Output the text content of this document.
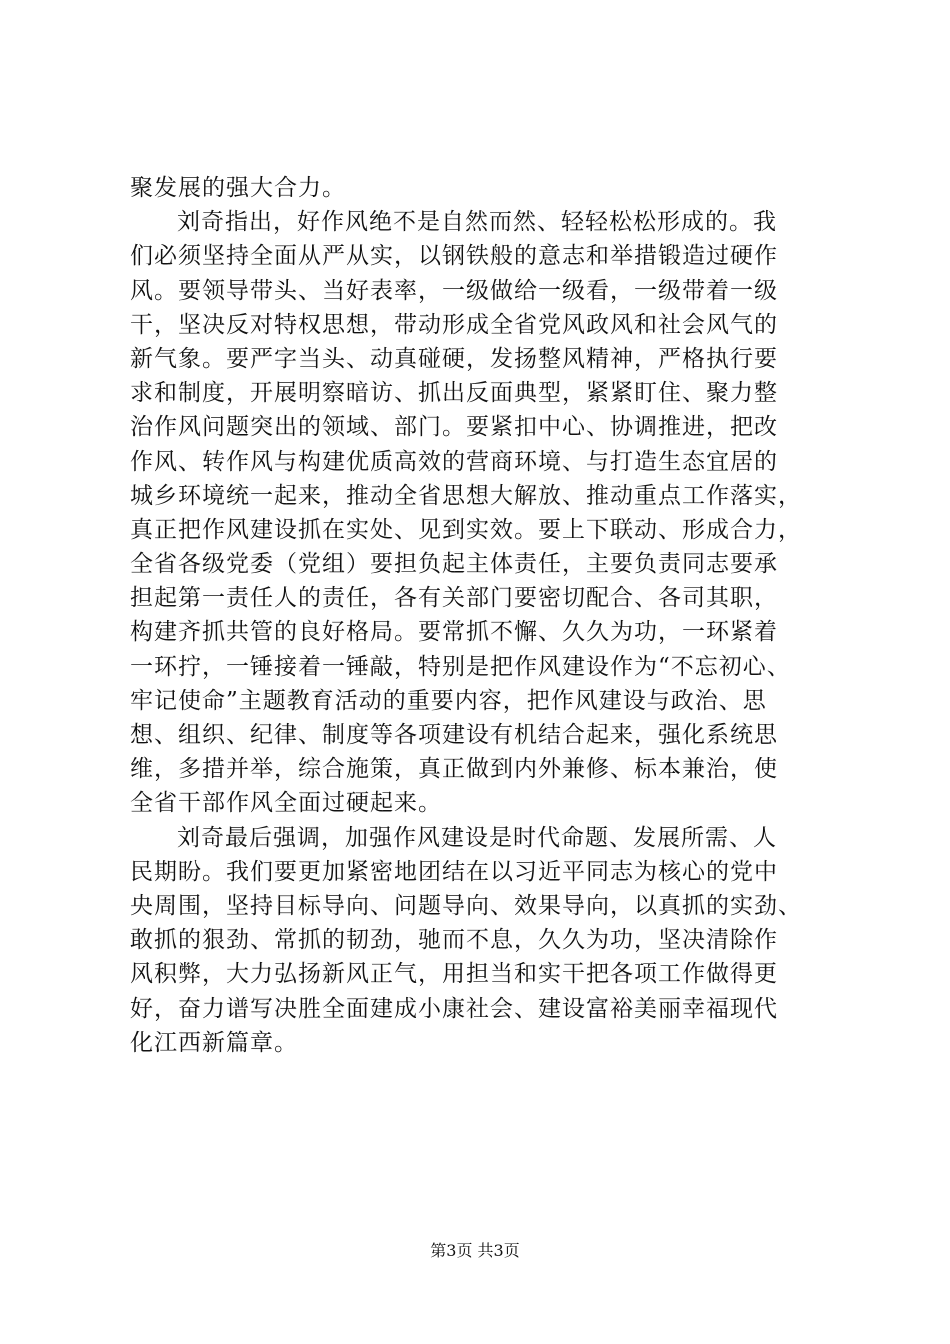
聚发展的强大合力。
刘奇指出，好作风绝不是自然而然、轻轻松松形成的。我
们必须坚持全面从严从实，以钢铁般的意志和举措锻造过硬作
风。要领导带头、当好表率，一级做给一级看，一级带着一级
干，坚决反对特权思想，带动形成全省党风政风和社会风气的
新气象。要严字当头、动真碰硬，发扬整风精神，严格执行要
求和制度，开展明察暗访、抓出反面典型，紧紧盯住、聚力整
治作风问题突出的领域、部门。要紧扣中心、协调推进，把改
作风、转作风与构建优质高效的营商环境、与打造生态宜居的
城乡环境统一起来，推动全省思想大解放、推动重点工作落实，
真正把作风建设抓在实处、见到实效。要上下联动、形成合力，
全省各级党委（党组）要担负起主体责任，主要负责同志要承
担起第一责任人的责任，各有关部门要密切配合、各司其职，
构建齐抓共管的良好格局。要常抓不懈、久久为功，一环紧着
一环拧，一锤接着一锤敲，特别是把作风建设作为“不忘初心、
牢记使命”主题教育活动的重要内容，把作风建设与政治、思
想、组织、纪律、制度等各项建设有机结合起来，强化系统思
维，多措并举，综合施策，真正做到内外兼修、标本兼治，使
全省干部作风全面过硬起来。
刘奇最后强调，加强作风建设是时代命题、发展所需、人
民期盼。我们要更加紧密地团结在以习近平同志为核心的党中
央周围，坚持目标导向、问题导向、效果导向，以真抓的实劲、
敢抓的狠劲、常抓的韧劲，驰而不息，久久为功，坚决清除作
风积弊，大力弘扬新风正气，用担当和实干把各项工作做得更
好，奋力谱写决胜全面建成小康社会、建设富裕美丽幸福现代
化江西新篇章。
第3页 共3页
